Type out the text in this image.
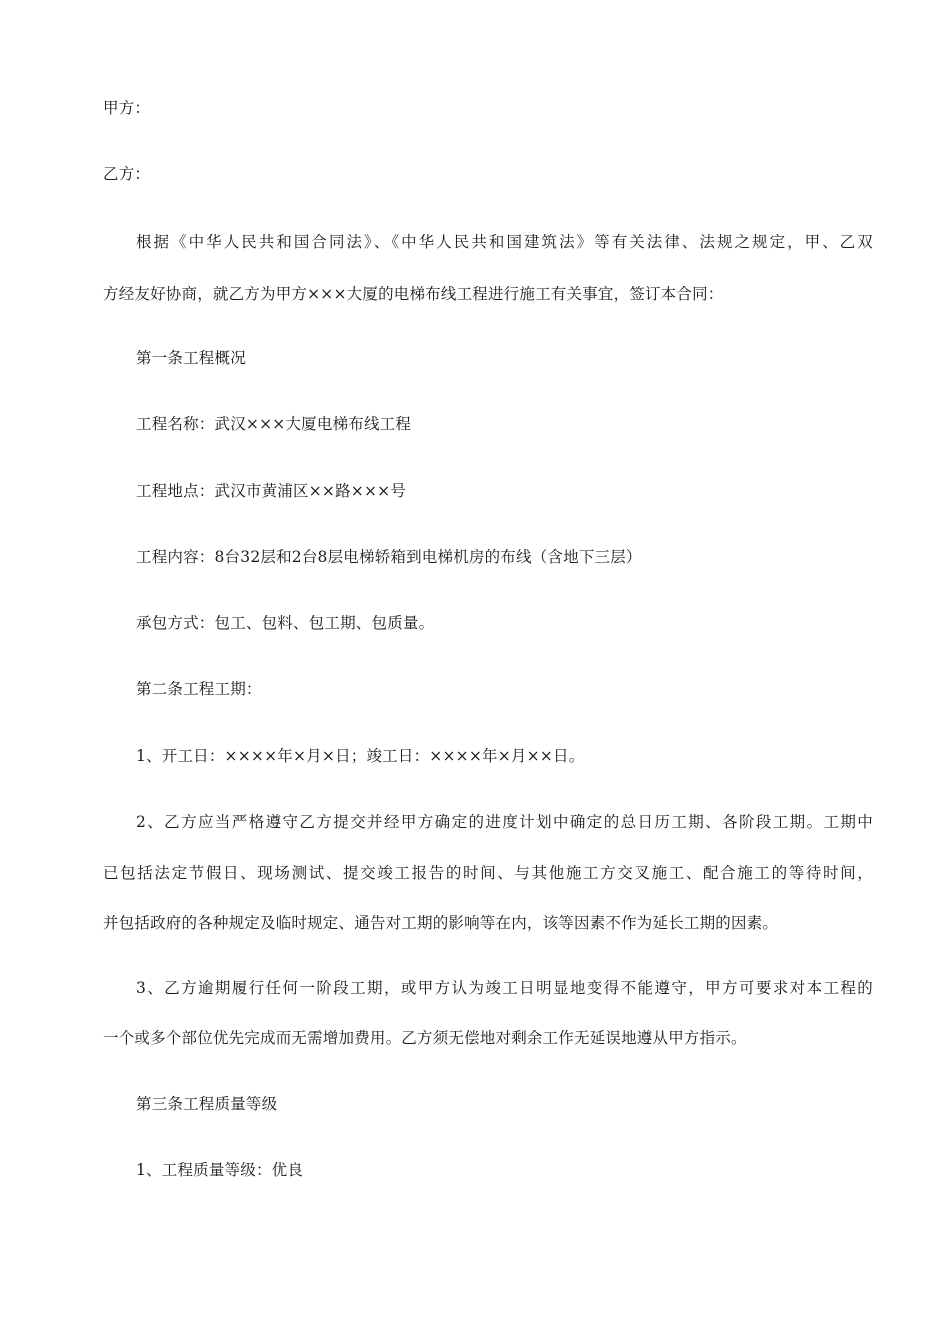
甲方：
乙方：
根据《中华人民共和国合同法》、《中华人民共和国建筑法》等有关法律、法规之规定，甲、乙双
方经友好协商，就乙方为甲方×××大厦的电梯布线工程进行施工有关事宜，签订本合同：
第一条工程概况
工程名称：武汉×××大厦电梯布线工程
工程地点：武汉市黄浦区××路×××号
工程内容：8台32层和2台8层电梯轿箱到电梯机房的布线（含地下三层）
承包方式：包工、包料、包工期、包质量。
第二条工程工期：
1、开工日：××××年×月×日；竣工日：××××年×月××日。
2、乙方应当严格遵守乙方提交并经甲方确定的进度计划中确定的总日历工期、各阶段工期。工期中
已包括法定节假日、现场测试、提交竣工报告的时间、与其他施工方交叉施工、配合施工的等待时间，
并包括政府的各种规定及临时规定、通告对工期的影响等在内，该等因素不作为延长工期的因素。
3、乙方逾期履行任何一阶段工期，或甲方认为竣工日明显地变得不能遵守，甲方可要求对本工程的
一个或多个部位优先完成而无需增加费用。乙方须无偿地对剩余工作无延误地遵从甲方指示。
第三条工程质量等级
1、工程质量等级：优良
